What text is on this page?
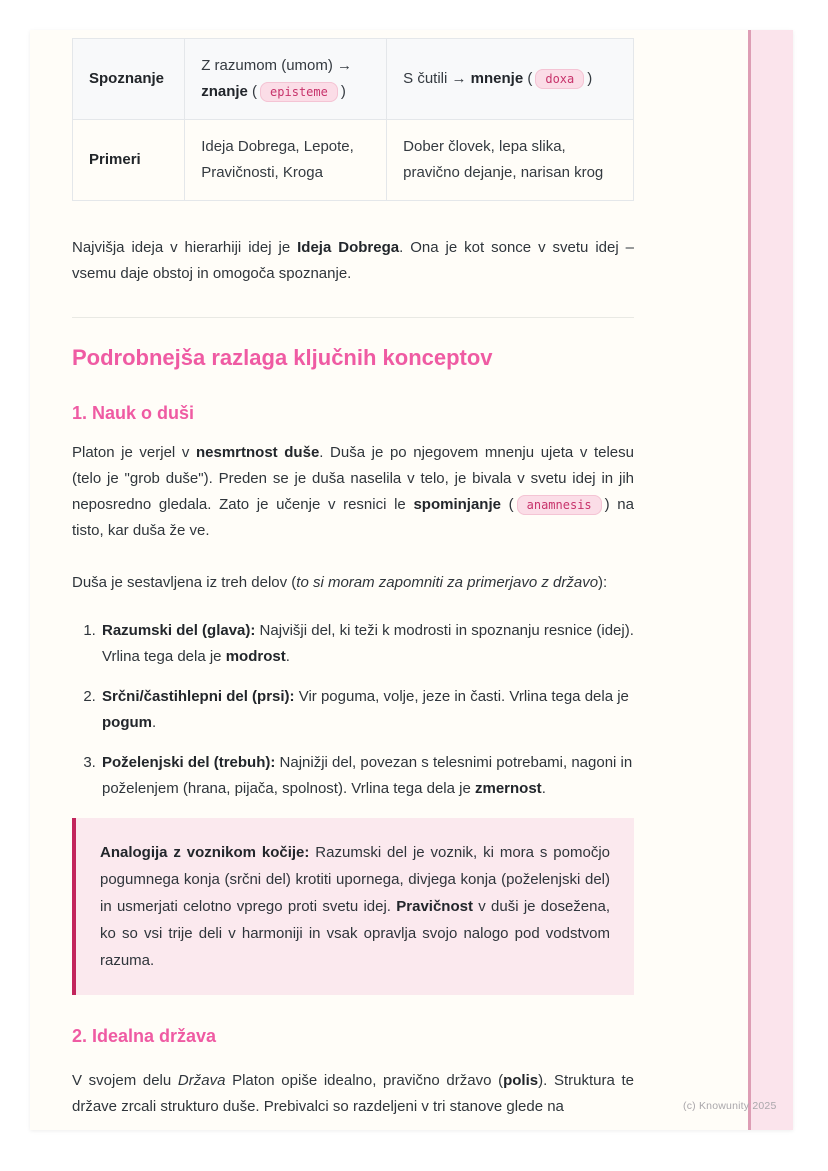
Spoznanje	Z razumom (umom) → znanje ( episteme )	S čutili → mnenje ( doxa )
Primeri	Ideja Dobrega, Lepote, Pravičnosti, Kroga	Dober človek, lepa slika, pravično dejanje, narisan krog

Najvišja ideja v hierarhiji idej je Ideja Dobrega. Ona je kot sonce v svetu idej – vsemu daje obstoj in omogoča spoznanje.

Podrobnejša razlaga ključnih konceptov
1. Nauk o duši

Platon je verjel v nesmrtnost duše. Duša je po njegovem mnenju ujeta v telesu (telo je "grob duše"). Preden se je duša naselila v telo, je bivala v svetu idej in jih neposredno gledala. Zato je učenje v resnici le spominjanje ( anamnesis ) na tisto, kar duša že ve.

Duša je sestavljena iz treh delov (to si moram zapomniti za primerjavo z državo):

1. Razumski del (glava): Najvišji del, ki teži k modrosti in spoznanju resnice (idej). Vrlina tega dela je modrost.
2. Srčni/častihlepni del (prsi): Vir poguma, volje, jeze in časti. Vrlina tega dela je pogum.
3. Poželenjski del (trebuh): Najnižji del, povezan s telesnimi potrebami, nagoni in poželenjem (hrana, pijača, spolnost). Vrlina tega dela je zmernost.
Analogija z voznikom kočije: Razumski del je voznik, ki mora s pomočjo pogumnega konja (srčni del) krotiti upornega, divjega konja (poželenjski del) in usmerjati celotno vprego proti svetu idej. Pravičnost v duši je dosežena, ko so vsi trije deli v harmoniji in vsak opravlja svojo nalogo pod vodstvom razuma.
2. Idealna država

V svojem delu Država Platon opiše idealno, pravično državo (polis). Struktura te države zrcali strukturo duše. Prebivalci so razdeljeni v tri stanove glede na	(c) Knowunity 2025
